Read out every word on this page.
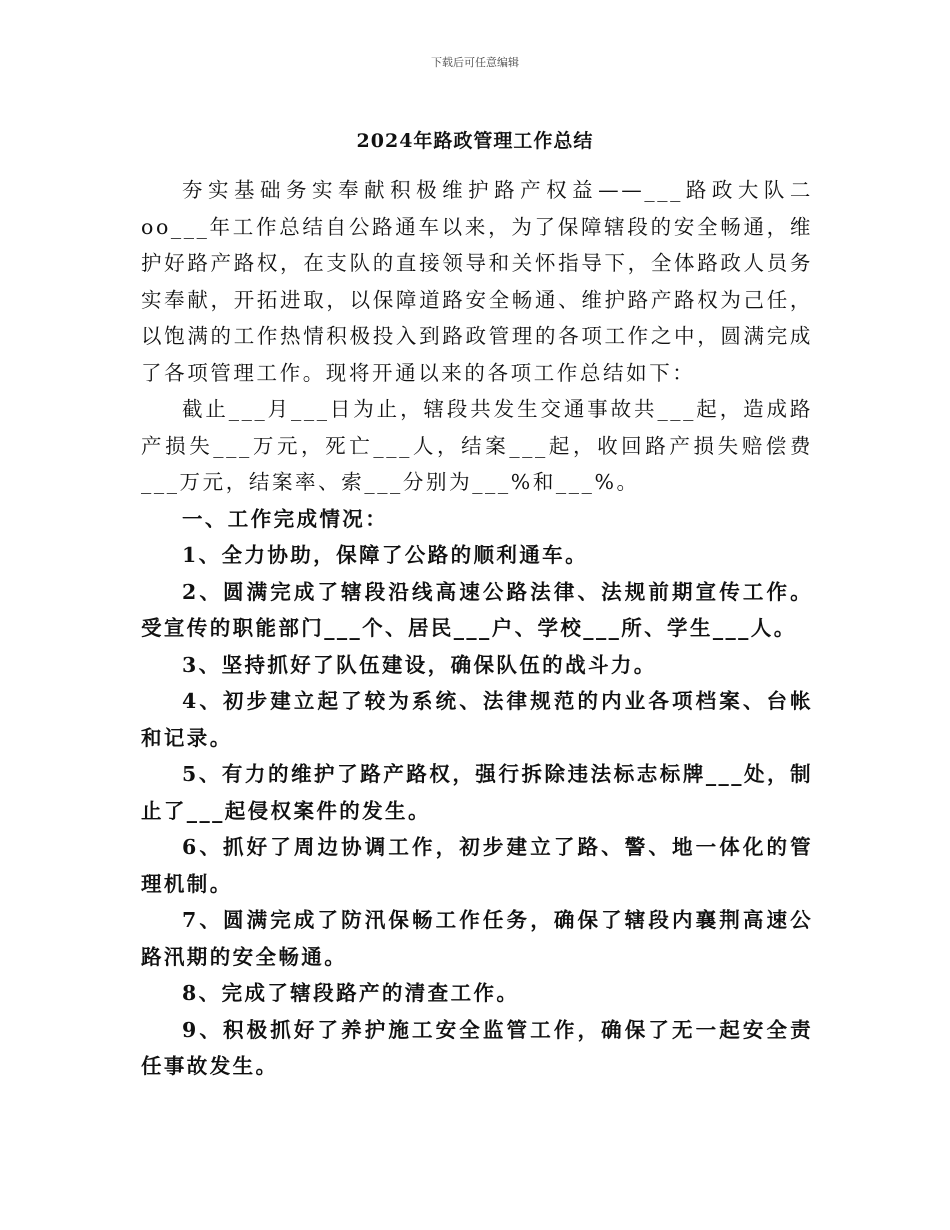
下载后可任意编辑
2024年路政管理工作总结

夯实基础务实奉献积极维护路产权益——___路政大队二oo___年工作总结自公路通车以来，为了保障辖段的安全畅通，维护好路产路权，在支队的直接领导和关怀指导下，全体路政人员务实奉献，开拓进取，以保障道路安全畅通、维护路产路权为己任，以饱满的工作热情积极投入到路政管理的各项工作之中，圆满完成了各项管理工作。现将开通以来的各项工作总结如下：

截止___月___日为止，辖段共发生交通事故共___起，造成路产损失___万元，死亡___人，结案___起，收回路产损失赔偿费___万元，结案率、索___分别为___%和___%。

一、工作完成情况：

1、全力协助，保障了公路的顺利通车。

2、圆满完成了辖段沿线高速公路法律、法规前期宣传工作。受宣传的职能部门___个、居民___户、学校___所、学生___人。

3、坚持抓好了队伍建设，确保队伍的战斗力。

4、初步建立起了较为系统、法律规范的内业各项档案、台帐和记录。

5、有力的维护了路产路权，强行拆除违法标志标牌___处，制止了___起侵权案件的发生。

6、抓好了周边协调工作，初步建立了路、警、地一体化的管理机制。

7、圆满完成了防汛保畅工作任务，确保了辖段内襄荆高速公路汛期的安全畅通。

8、完成了辖段路产的清查工作。

9、积极抓好了养护施工安全监管工作，确保了无一起安全责任事故发生。
